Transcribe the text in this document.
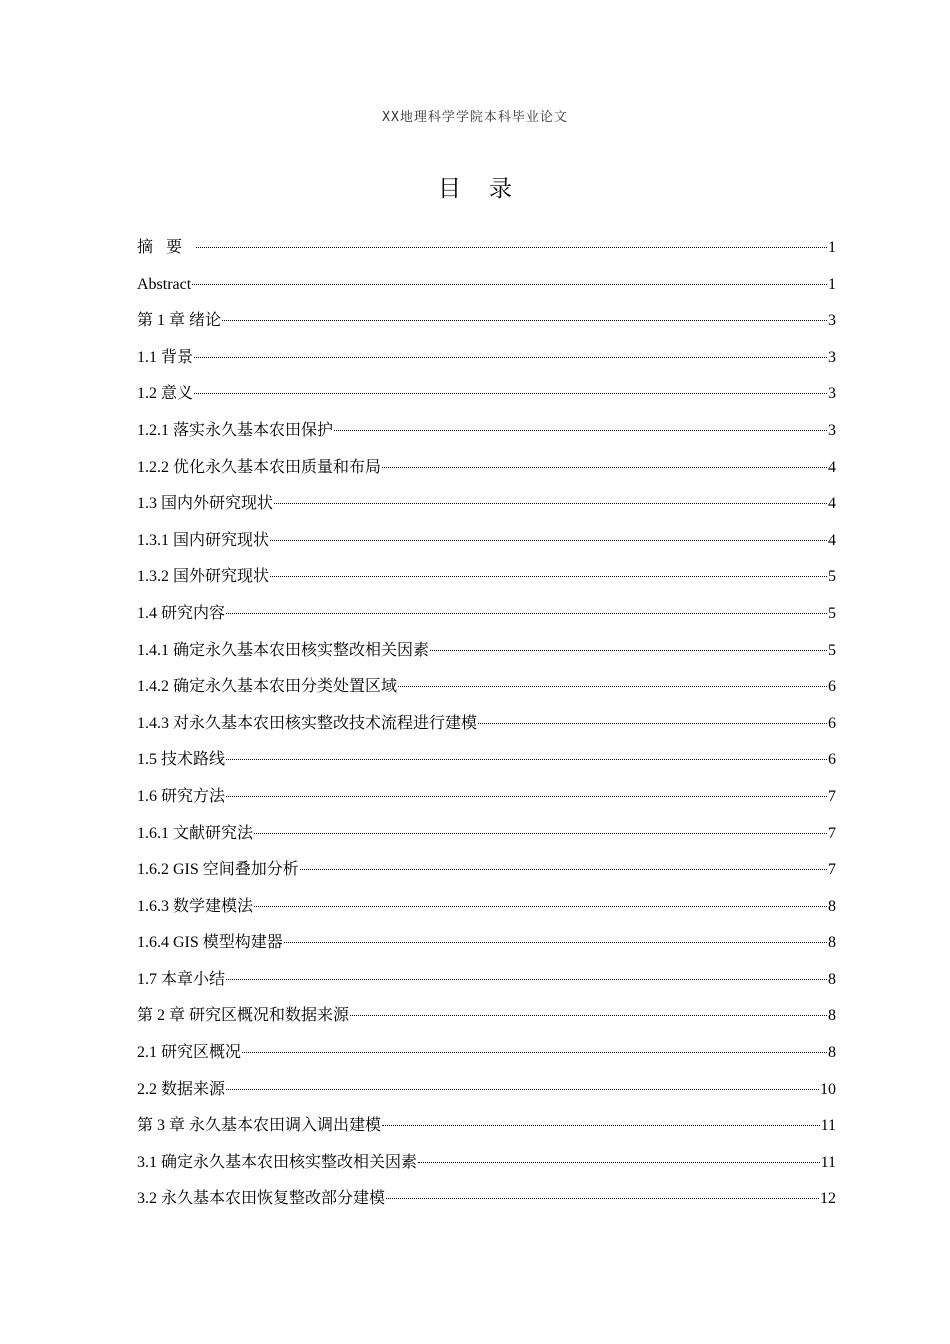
XX地理科学学院本科毕业论文
目录
摘要	1
Abstract	1
第 1 章 绪论	3
1.1 背景	3
1.2 意义	3
1.2.1 落实永久基本农田保护	3
1.2.2 优化永久基本农田质量和布局	4
1.3 国内外研究现状	4
1.3.1 国内研究现状	4
1.3.2 国外研究现状	5
1.4 研究内容	5
1.4.1 确定永久基本农田核实整改相关因素	5
1.4.2 确定永久基本农田分类处置区域	6
1.4.3 对永久基本农田核实整改技术流程进行建模	6
1.5 技术路线	6
1.6 研究方法	7
1.6.1 文献研究法	7
1.6.2 GIS 空间叠加分析	7
1.6.3 数学建模法	8
1.6.4 GIS 模型构建器	8
1.7 本章小结	8
第 2 章 研究区概况和数据来源	8
2.1 研究区概况	8
2.2 数据来源	10
第 3 章 永久基本农田调入调出建模	11
3.1 确定永久基本农田核实整改相关因素	11
3.2 永久基本农田恢复整改部分建模	12
